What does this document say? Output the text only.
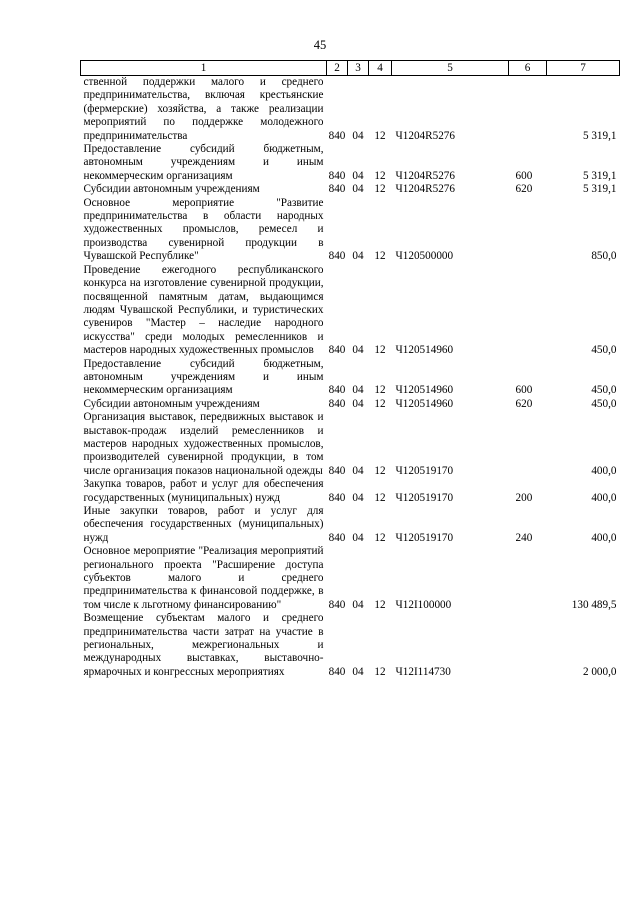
45
1	2	3	4	5	6	7
ственной поддержки малого и среднего предпринимательства, включая крестьянские (фермерские) хозяйства, а также реализации мероприятий по поддержке молодежного предпринимательства	840	04	12	Ч1204R5276		5 319,1
Предоставление субсидий бюджетным, автономным учреждениям и иным некоммерческим организациям	840	04	12	Ч1204R5276	600	5 319,1
Субсидии автономным учреждениям	840	04	12	Ч1204R5276	620	5 319,1
Основное мероприятие "Развитие предпринимательства в области народных художественных промыслов, ремесел и производства сувенирной продукции в Чувашской Республике"	840	04	12	Ч120500000		850,0
Проведение ежегодного республиканского конкурса на изготовление сувенирной продукции, посвященной памятным датам, выдающимся людям Чувашской Республики, и туристических сувениров "Мастер – наследие народного искусства" среди молодых ремесленников и мастеров народных художественных промыслов	840	04	12	Ч120514960		450,0
Предоставление субсидий бюджетным, автономным учреждениям и иным некоммерческим организациям	840	04	12	Ч120514960	600	450,0
Субсидии автономным учреждениям	840	04	12	Ч120514960	620	450,0
Организация выставок, передвижных выставок и выставок-продаж изделий ремесленников и мастеров народных художественных промыслов, производителей сувенирной продукции, в том числе организация показов национальной одежды	840	04	12	Ч120519170		400,0
Закупка товаров, работ и услуг для обеспечения государственных (муниципальных) нужд	840	04	12	Ч120519170	200	400,0
Иные закупки товаров, работ и услуг для обеспечения государственных (муниципальных) нужд	840	04	12	Ч120519170	240	400,0
Основное мероприятие "Реализация мероприятий регионального проекта "Расширение доступа субъектов малого и среднего предпринимательства к финансовой поддержке, в том числе к льготному финансированию"	840	04	12	Ч12I100000		130 489,5
Возмещение субъектам малого и среднего предпринимательства части затрат на участие в региональных, межрегиональных и международных выставках, выставочно-ярмарочных и конгрессных мероприятиях	840	04	12	Ч12I114730		2 000,0
